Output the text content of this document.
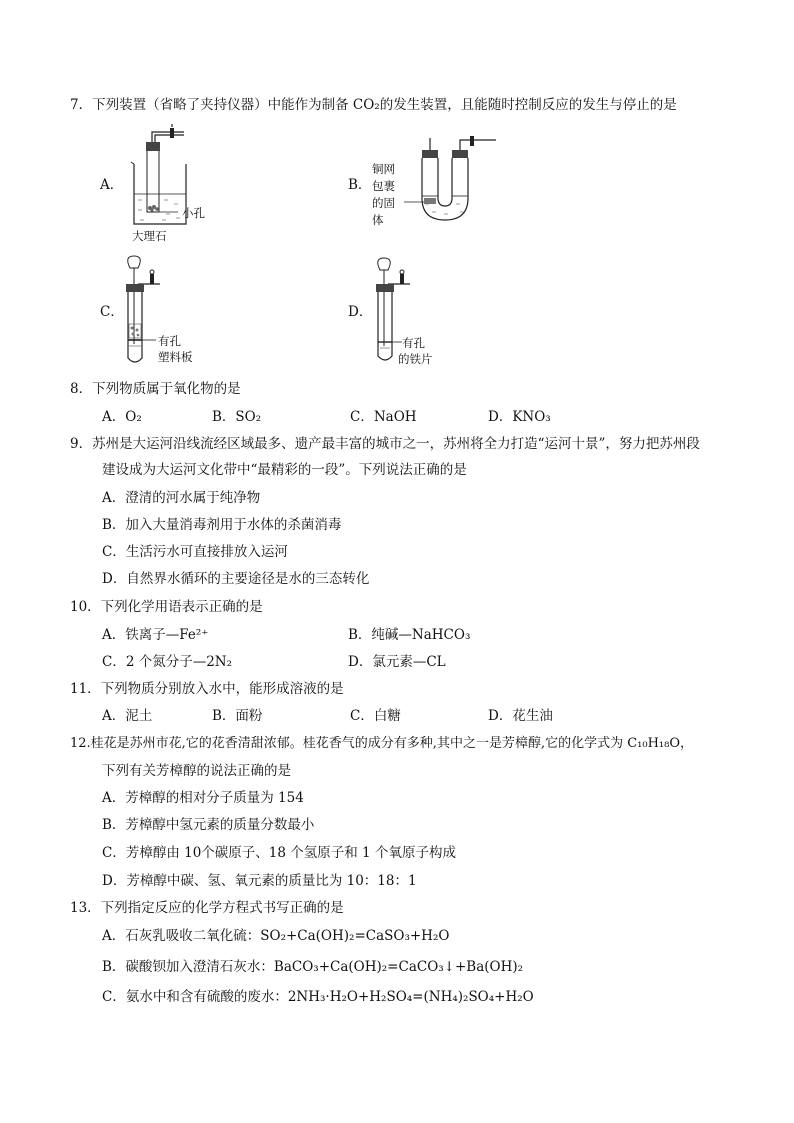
7．下列装置（省略了夹持仪器）中能作为制备 CO₂的发生装置，且能随时控制反应的发生与停止的是
A．
小孔
大理石
B．
铜网
包裹
的固
体
C．
有孔
塑料板
D．
有孔
的铁片
8．下列物质属于氧化物的是
A．O₂	B．SO₂	C．NaOH	D．KNO₃
9．苏州是大运河沿线流经区域最多、遗产最丰富的城市之一，苏州将全力打造“运河十景”，努力把苏州段
建设成为大运河文化带中“最精彩的一段”。下列说法正确的是
A．澄清的河水属于纯净物
B．加入大量消毒剂用于水体的杀菌消毒
C．生活污水可直接排放入运河
D．自然界水循环的主要途径是水的三态转化
10．下列化学用语表示正确的是
A．铁离子—Fe²⁺	B．纯碱—NaHCO₃
C．2 个氮分子—2N₂	D．氯元素—CL
11．下列物质分别放入水中，能形成溶液的是
A．泥土	B．面粉	C．白糖	D．花生油
12.桂花是苏州市花,它的花香清甜浓郁。桂花香气的成分有多种,其中之一是芳樟醇,它的化学式为 C₁₀H₁₈O，
下列有关芳樟醇的说法正确的是
A．芳樟醇的相对分子质量为 154
B．芳樟醇中氢元素的质量分数最小
C．芳樟醇由 10个碳原子、18 个氢原子和 1 个氧原子构成
D．芳樟醇中碳、氢、氧元素的质量比为 10：18：1
13．下列指定反应的化学方程式书写正确的是
A．石灰乳吸收二氧化硫：SO₂+Ca(OH)₂=CaSO₃+H₂O
B．碳酸钡加入澄清石灰水：BaCO₃+Ca(OH)₂=CaCO₃↓+Ba(OH)₂
C．氨水中和含有硫酸的废水：2NH₃·H₂O+H₂SO₄=(NH₄)₂SO₄+H₂O
